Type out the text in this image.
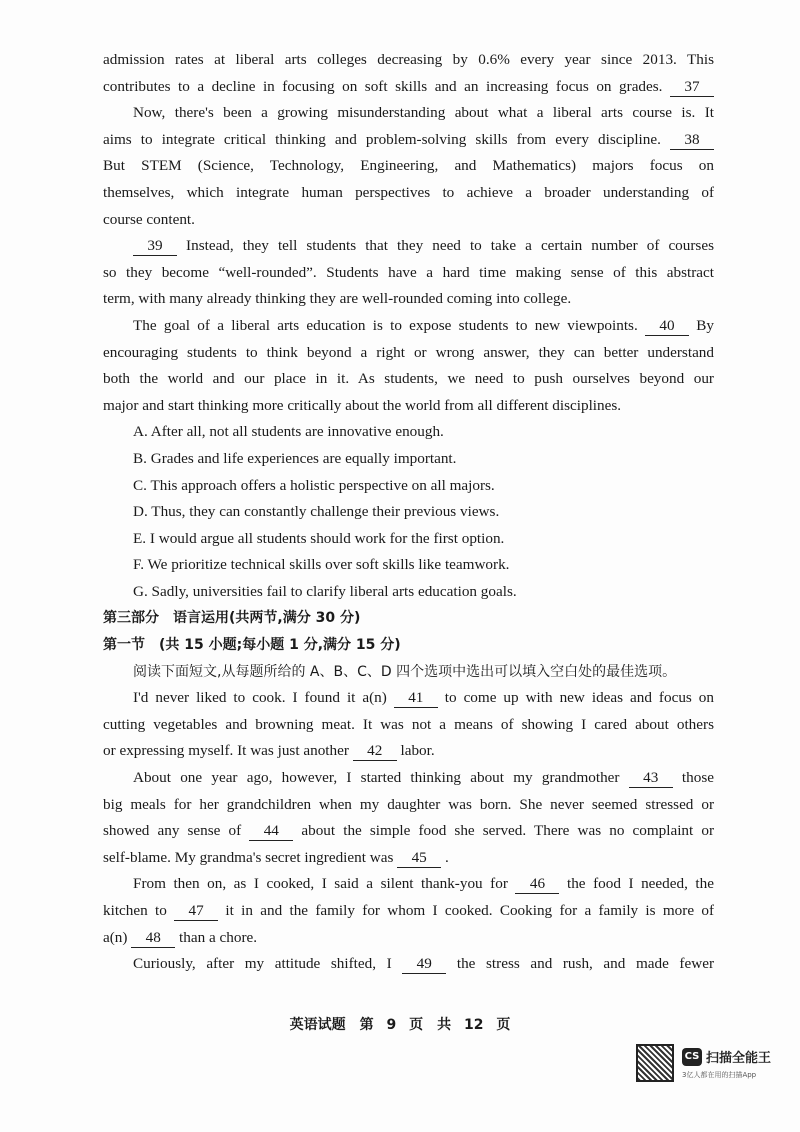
admission rates at liberal arts colleges decreasing by 0.6% every year since 2013. This
contributes to a decline in focusing on soft skills and an increasing focus on grades. 37
Now, there's been a growing misunderstanding about what a liberal arts course is. It
aims to integrate critical thinking and problem-solving skills from every discipline. 38
But STEM (Science, Technology, Engineering, and Mathematics) majors focus on
themselves, which integrate human perspectives to achieve a broader understanding of
course content.
39 Instead, they tell students that they need to take a certain number of courses
so they become “well-rounded”. Students have a hard time making sense of this abstract
term, with many already thinking they are well-rounded coming into college.
The goal of a liberal arts education is to expose students to new viewpoints. 40 By
encouraging students to think beyond a right or wrong answer, they can better understand
both the world and our place in it. As students, we need to push ourselves beyond our
major and start thinking more critically about the world from all different disciplines.
A. After all, not all students are innovative enough.
B. Grades and life experiences are equally important.
C. This approach offers a holistic perspective on all majors.
D. Thus, they can constantly challenge their previous views.
E. I would argue all students should work for the first option.
F. We prioritize technical skills over soft skills like teamwork.
G. Sadly, universities fail to clarify liberal arts education goals.
第三部分　语言运用(共两节,满分 30 分)
第一节　(共 15 小题;每小题 1 分,满分 15 分)
阅读下面短文,从每题所给的 A、B、C、D 四个选项中选出可以填入空白处的最佳选项。
I'd never liked to cook. I found it a(n) 41 to come up with new ideas and focus on
cutting vegetables and browning meat. It was not a means of showing I cared about others
or expressing myself. It was just another 42 labor.
About one year ago, however, I started thinking about my grandmother 43 those
big meals for her grandchildren when my daughter was born. She never seemed stressed or
showed any sense of 44 about the simple food she served. There was no complaint or
self-blame. My grandma's secret ingredient was 45 .
From then on, as I cooked, I said a silent thank-you for 46 the food I needed, the
kitchen to 47 it in and the family for whom I cooked. Cooking for a family is more of
a(n) 48 than a chore.
Curiously, after my attitude shifted, I 49 the stress and rush, and made fewer
英语试题　第 9 页　共 12 页
CS 扫描全能王
3亿人都在用的扫描App
